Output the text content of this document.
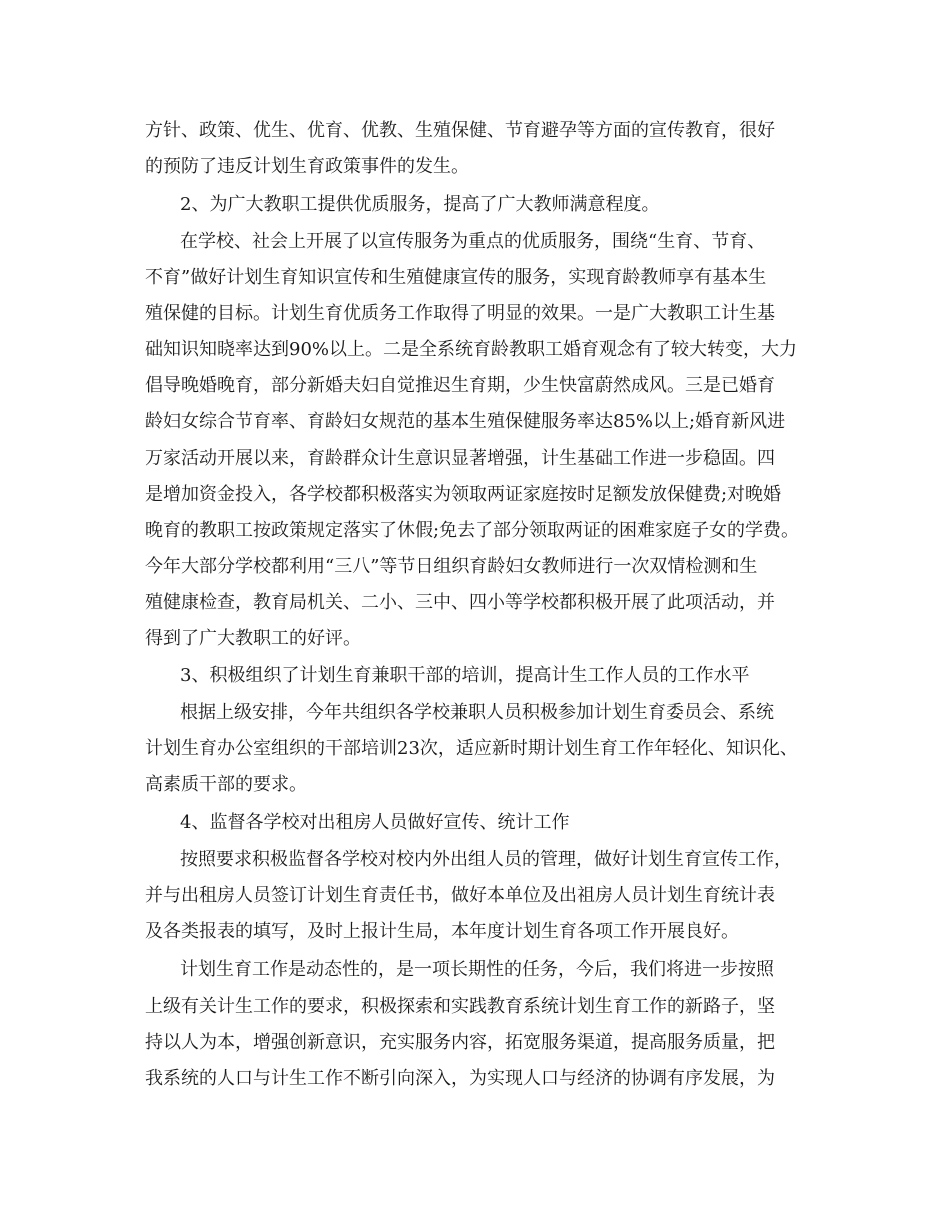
方针、政策、优生、优育、优教、生殖保健、节育避孕等方面的宣传教育，很好

的预防了违反计划生育政策事件的发生。

2、为广大教职工提供优质服务，提高了广大教师满意程度。

在学校、社会上开展了以宣传服务为重点的优质服务，围绕“生育、节育、

不育”做好计划生育知识宣传和生殖健康宣传的服务，实现育龄教师享有基本生

殖保健的目标。计划生育优质务工作取得了明显的效果。一是广大教职工计生基

础知识知晓率达到90%以上。二是全系统育龄教职工婚育观念有了较大转变，大力

倡导晚婚晚育，部分新婚夫妇自觉推迟生育期，少生快富蔚然成风。三是已婚育

龄妇女综合节育率、育龄妇女规范的基本生殖保健服务率达85%以上;婚育新风进

万家活动开展以来，育龄群众计生意识显著增强，计生基础工作进一步稳固。四

是增加资金投入，各学校都积极落实为领取两证家庭按时足额发放保健费;对晚婚

晚育的教职工按政策规定落实了休假;免去了部分领取两证的困难家庭子女的学费。

今年大部分学校都利用“三八”等节日组织育龄妇女教师进行一次双情检测和生

殖健康检查，教育局机关、二小、三中、四小等学校都积极开展了此项活动，并

得到了广大教职工的好评。

3、积极组织了计划生育兼职干部的培训，提高计生工作人员的工作水平

根据上级安排，今年共组织各学校兼职人员积极参加计划生育委员会、系统

计划生育办公室组织的干部培训23次，适应新时期计划生育工作年轻化、知识化、

高素质干部的要求。

4、监督各学校对出租房人员做好宣传、统计工作

按照要求积极监督各学校对校内外出组人员的管理，做好计划生育宣传工作，

并与出租房人员签订计划生育责任书，做好本单位及出祖房人员计划生育统计表

及各类报表的填写，及时上报计生局，本年度计划生育各项工作开展良好。

计划生育工作是动态性的，是一项长期性的任务，今后，我们将进一步按照

上级有关计生工作的要求，积极探索和实践教育系统计划生育工作的新路子，坚

持以人为本，增强创新意识，充实服务内容，拓宽服务渠道，提高服务质量，把

我系统的人口与计生工作不断引向深入，为实现人口与经济的协调有序发展，为
